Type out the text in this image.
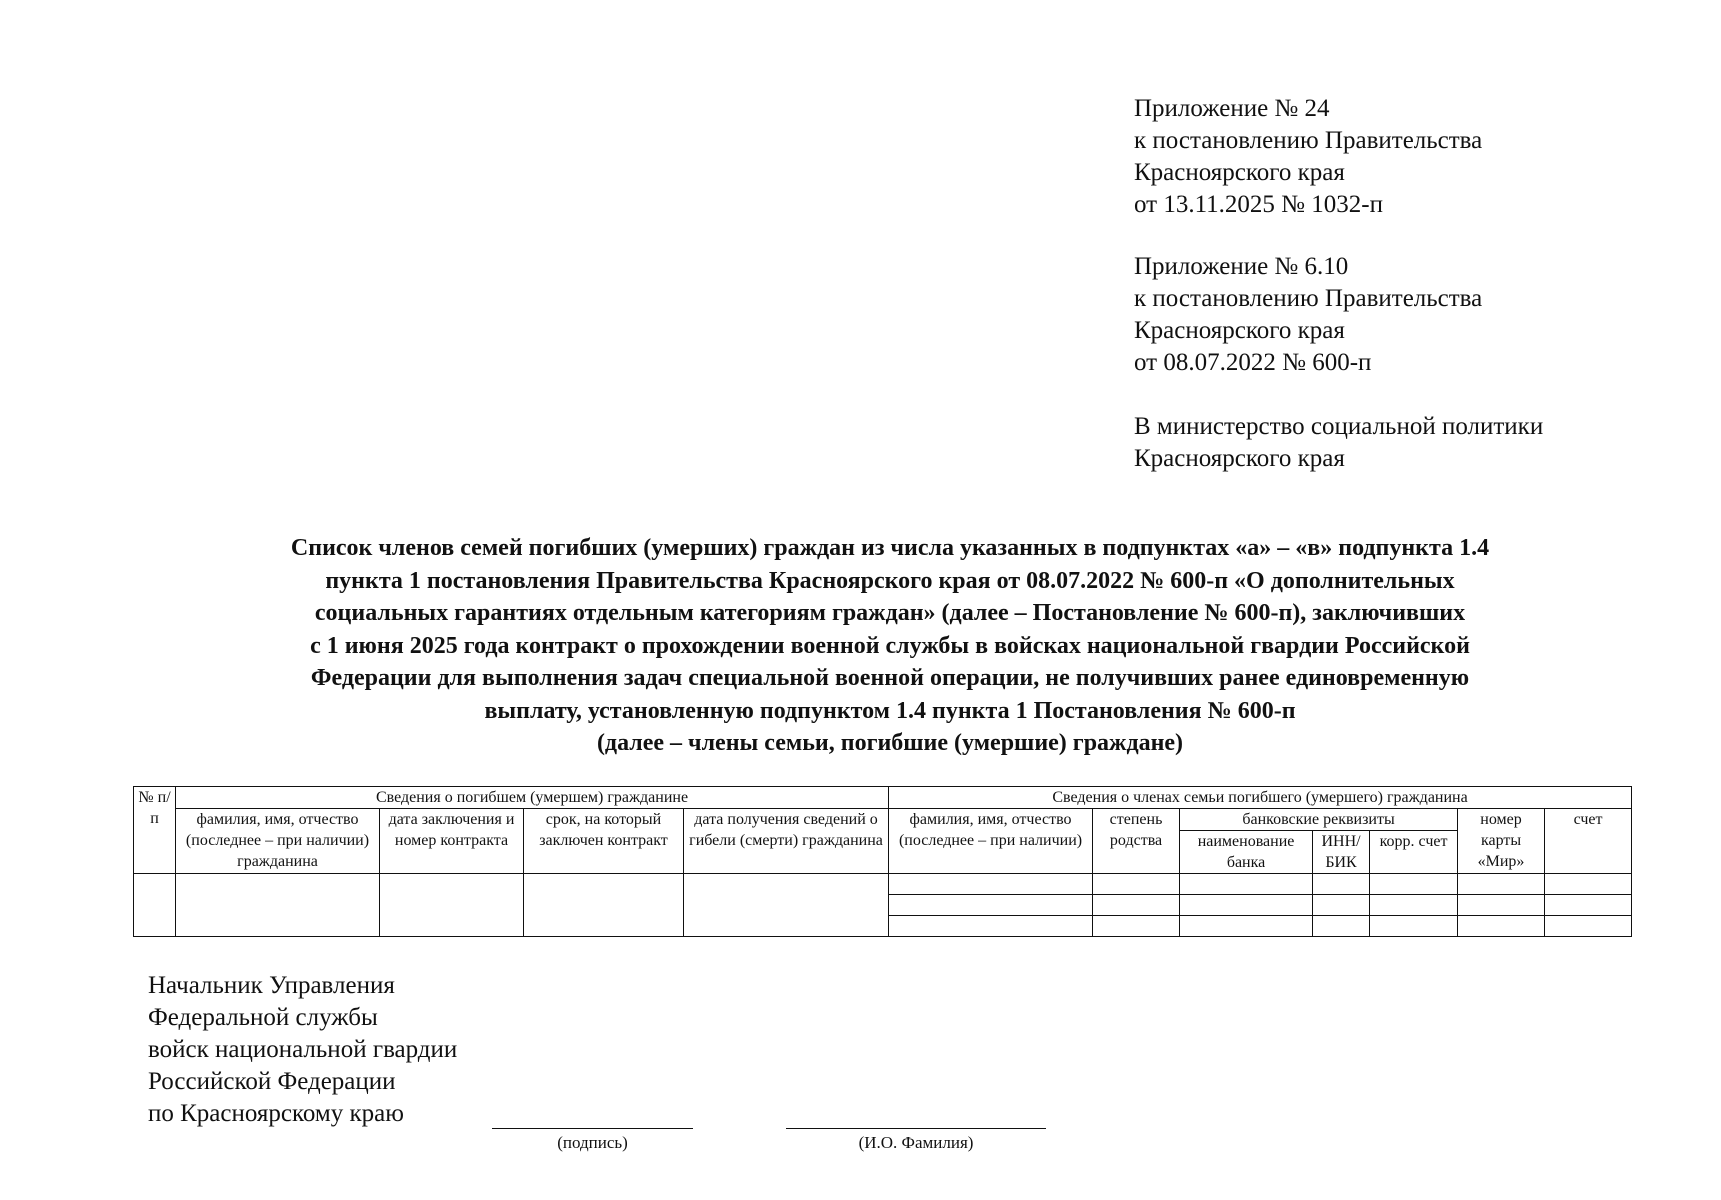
Приложение № 24
к постановлению Правительства
Красноярского края
от 13.11.2025 № 1032-п
Приложение № 6.10
к постановлению Правительства
Красноярского края
от 08.07.2022 № 600-п
В министерство социальной политики
Красноярского края
Список членов семей погибших (умерших) граждан из числа указанных в подпунктах «а» – «в» подпункта 1.4
пункта 1 постановления Правительства Красноярского края от 08.07.2022 № 600-п «О дополнительных
социальных гарантиях отдельным категориям граждан» (далее – Постановление № 600-п), заключивших
с 1 июня 2025 года контракт о прохождении военной службы в войсках национальной гвардии Российской
Федерации для выполнения задач специальной военной операции, не получивших ранее единовременную
выплату, установленную подпунктом 1.4 пункта 1 Постановления № 600-п
(далее – члены семьи, погибшие (умершие) граждане)
№ п/п	Сведения о погибшем (умершем) гражданине				Сведения о членах семьи погибшего (умершего) гражданина						
	фамилия, имя, отчество (последнее – при наличии) гражданина	дата заключения и номер контракта	срок, на который заключен контракт	дата получения сведений о гибели (смерти) гражданина	фамилия, имя, отчество (последнее – при наличии)	степень родства	банковские реквизиты			номер карты «Мир»	счет
							наименование банка	ИНН/ БИК	корр. счет		

Начальник Управления
Федеральной службы
войск национальной гвардии
Российской Федерации
по Красноярскому краю
(подпись)	(И.О. Фамилия)
